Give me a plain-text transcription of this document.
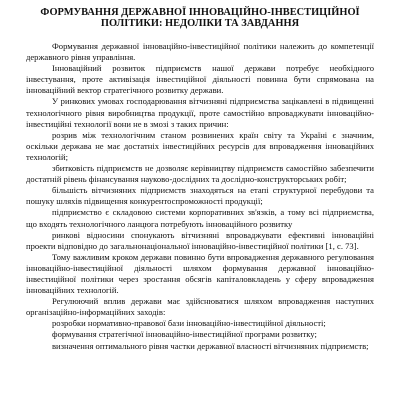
ФОРМУВАННЯ ДЕРЖАВНОЇ ІННОВАЦІЙНО-ІНВЕСТИЦІЙНОЇ
ПОЛІТИКИ: НЕДОЛІКИ ТА ЗАВДАННЯ

Формування державної інноваційно-інвестиційної політики належить до компетенції державного рівня управління.

Інноваційний розвиток підприємств нашої держави потребує необхідного інвестування, проте активізація інвестиційної діяльності повинна бути спрямована на інноваційний вектор стратегічного розвитку держави.

У ринкових умовах господарювання вітчизняні підприємства зацікавлені в підвищенні технологічного рівня виробництва продукції, проте самостійно впроваджувати інноваційно-інвестиційні технології вони не в змозі з таких причин:

розрив між технологічним станом розвинених країн світу та Україні є значним, оскільки держава не має достатніх інвестиційних ресурсів для впровадження інноваційних технологій;

збитковість підприємств не дозволяє керівництву підприємств самостійно забезпечити достатній рівень фінансування науково-дослідних та дослідно-конструкторських робіт;

більшість вітчизняних підприємств знаходяться на етапі структурної перебудови та пошуку шляхів підвищення конкурентоспроможності продукції;

підприємство є складовою системи корпоративних зв'язків, а тому всі підприємства, що входять технологічного ланцюга потребують інноваційного розвитку

ринкові відносини спонукають вітчизняні впроваджувати ефективні інноваційні проекти відповідно до загальнонаціональної інноваційно-інвестиційної політики [1, с. 73].

Тому важливим кроком держави повинно бути впровадження державного регулювання інноваційно-інвестиційної діяльності шляхом формування державної інноваційно-інвестиційної політики через зростання обсягів капіталовкладень у сферу впровадження інноваційних технологій.

Регулюючий вплив держави має здійснюватися шляхом впровадження наступних організаційно-інформаційних заходів:

розробки нормативно-правової бази інноваційно-інвестиційної діяльності;

формування стратегічної інноваційно-інвестиційної програми розвитку;

визначення оптимального рівня частки державної власності вітчизняних підприємств;
